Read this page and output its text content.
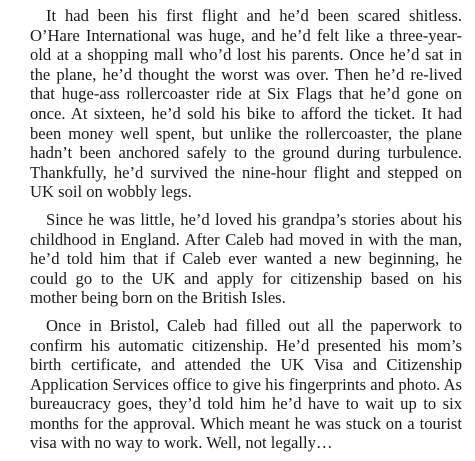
It had been his first flight and he’d been scared shitless. O’Hare International was huge, and he’d felt like a three-year-old at a shopping mall who’d lost his parents. Once he’d sat in the plane, he’d thought the worst was over. Then he’d re-lived that huge-ass rollercoaster ride at Six Flags that he’d gone on once. At sixteen, he’d sold his bike to afford the ticket. It had been money well spent, but unlike the rollercoaster, the plane hadn’t been anchored safely to the ground during turbulence. Thankfully, he’d survived the nine-hour flight and stepped on UK soil on wobbly legs.

Since he was little, he’d loved his grandpa’s stories about his childhood in England. After Caleb had moved in with the man, he’d told him that if Caleb ever wanted a new beginning, he could go to the UK and apply for citizenship based on his mother being born on the British Isles.

Once in Bristol, Caleb had filled out all the paperwork to confirm his automatic citizenship. He’d presented his mom’s birth certificate, and attended the UK Visa and Citizenship Application Services office to give his fingerprints and photo. As bureaucracy goes, they’d told him he’d have to wait up to six months for the approval. Which meant he was stuck on a tourist visa with no way to work. Well, not legally…
